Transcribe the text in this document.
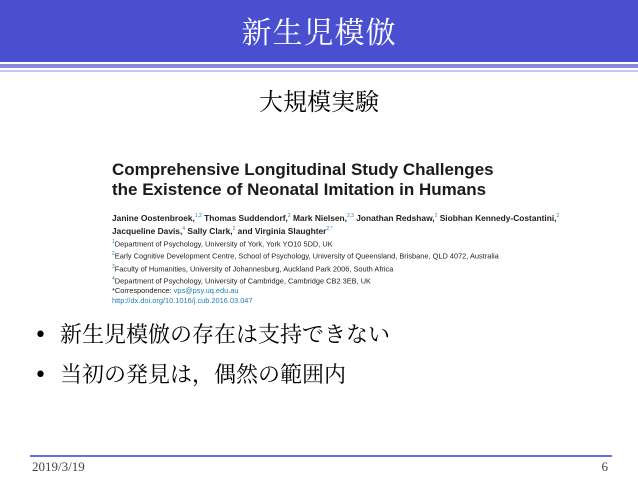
新生児模倣
大規模実験
Comprehensive Longitudinal Study Challenges
the Existence of Neonatal Imitation in Humans
Janine Oostenbroek,$^{1,2}$ Thomas Suddendorf,$^2$ Mark Nielsen,$^{2,3}$ Jonathan Redshaw,$^2$ Siobhan Kennedy-Costantini,$^2$
Jacqueline Davis,$^4$ Sally Clark,$^2$ and Virginia Slaughter$^{2,*}$
$^1$Department of Psychology, University of York, York YO10 5DD, UK
$^2$Early Cognitive Development Centre, School of Psychology, University of Queensland, Brisbane, QLD 4072, Australia
$^3$Faculty of Humanities, University of Johannesburg, Auckland Park 2006, South Africa
$^4$Department of Psychology, University of Cambridge, Cambridge CB2 3EB, UK
*Correspondence: vps@psy.uq.edu.au
http://dx.doi.org/10.1016/j.cub.2016.03.047
• 新生児模倣の存在は支持できない
• 当初の発見は，偶然の範囲内
2019/3/19	6
